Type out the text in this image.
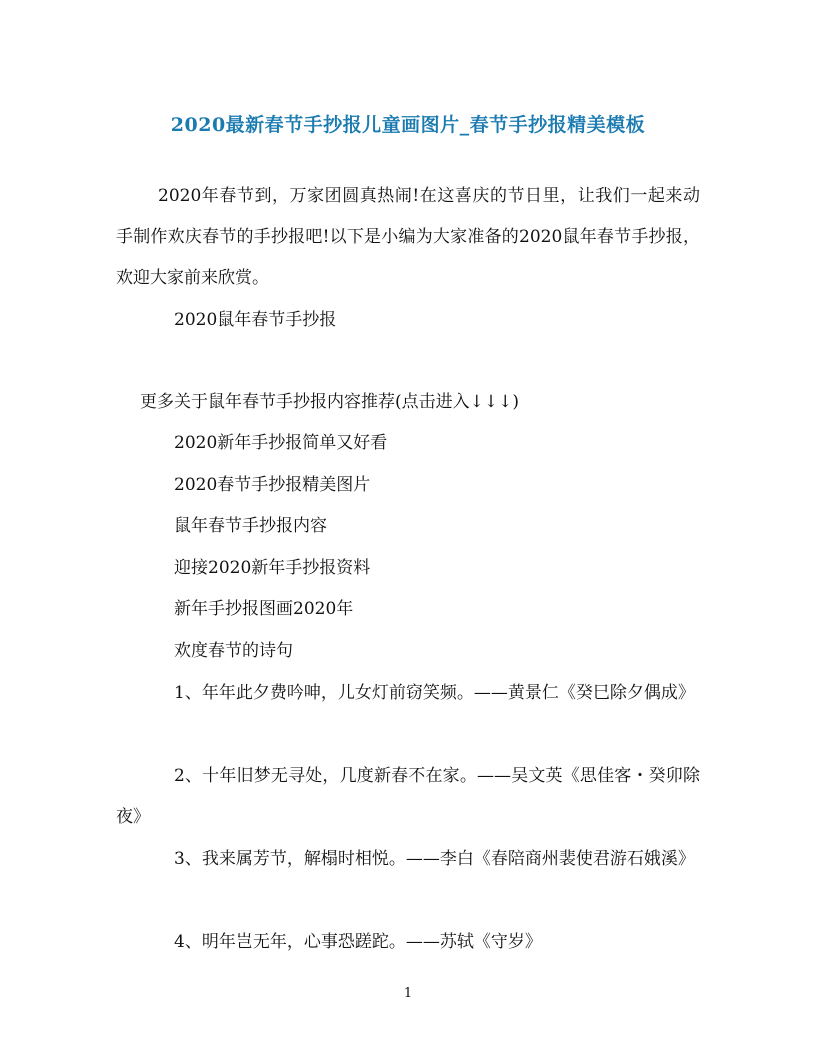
2020最新春节手抄报儿童画图片_春节手抄报精美模板
2020年春节到，万家团圆真热闹!在这喜庆的节日里，让我们一起来动手制作欢庆春节的手抄报吧!以下是小编为大家准备的2020鼠年春节手抄报，欢迎大家前来欣赏。
2020鼠年春节手抄报
更多关于鼠年春节手抄报内容推荐(点击进入↓↓↓)
2020新年手抄报简单又好看
2020春节手抄报精美图片
鼠年春节手抄报内容
迎接2020新年手抄报资料
新年手抄报图画2020年
欢度春节的诗句
1、年年此夕费吟呻，儿女灯前窃笑频。——黄景仁《癸巳除夕偶成》
2、十年旧梦无寻处，几度新春不在家。——吴文英《思佳客・癸卯除夜》
3、我来属芳节，解榻时相悦。——李白《春陪商州裴使君游石娥溪》
4、明年岂无年，心事恐蹉跎。——苏轼《守岁》
1
